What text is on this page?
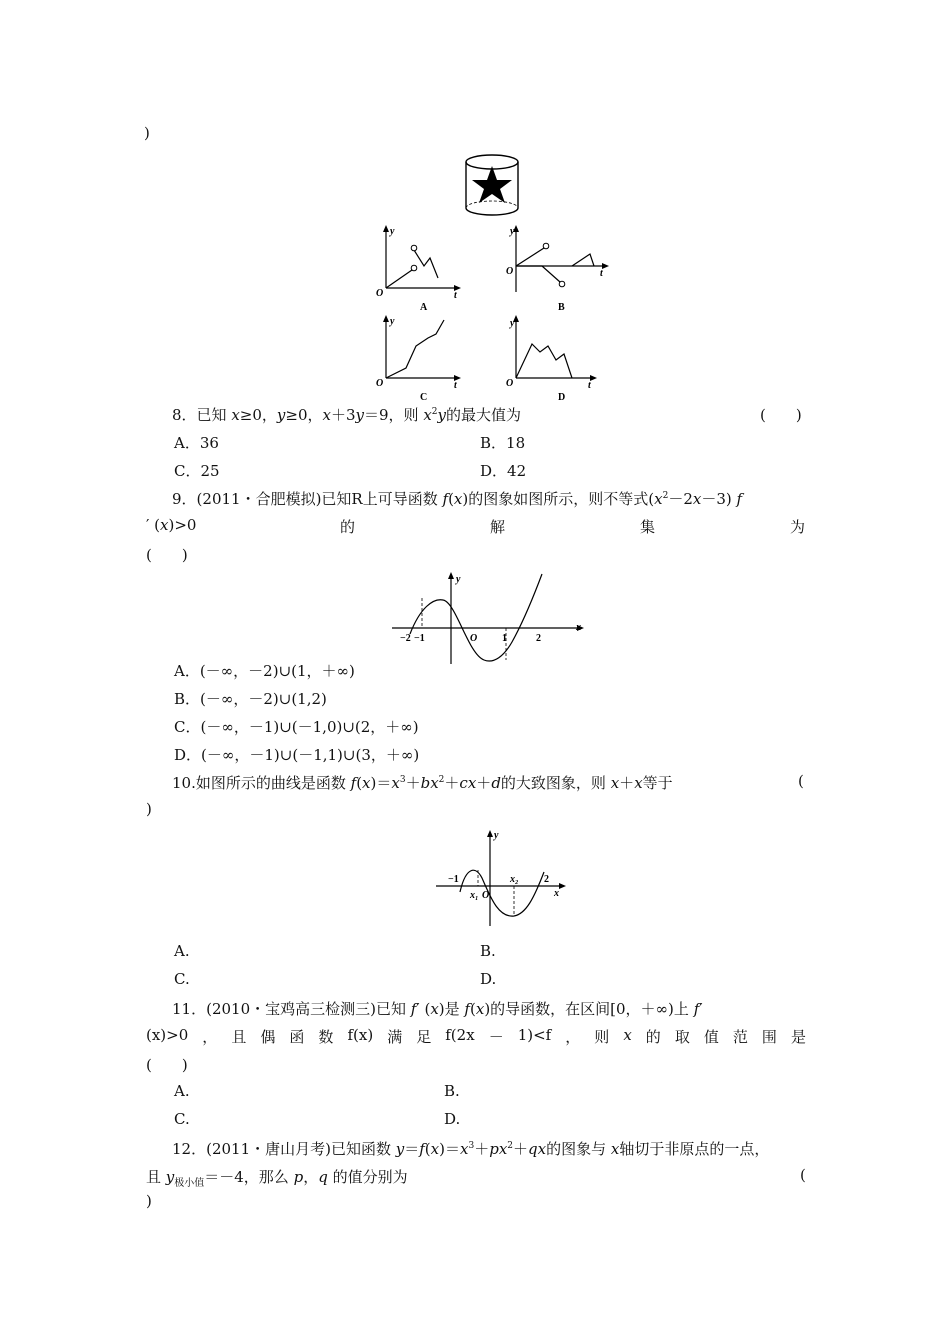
)
y
O	t
A
y
O	t
B
y
O	t
C
y
O	t
D
8．已知 x≥0，y≥0，x＋3y＝9，则 $x^2y$的最大值为	(　　)
A．36	B．18
C．25	D．42
9．(2011・合肥模拟)已知R上可导函数 f(x)的图象如图所示，则不等式$(x^2-2x-3)$ f
′ (x)>0	的	解	集	为
(　　)
y
x
−2 −1	O 1	2
A．(－∞，－2)∪(1，＋∞)
B．(－∞，－2)∪(1,2)
C．(－∞，－1)∪(－1,0)∪(2，＋∞)
D．(－∞，－1)∪(－1,1)∪(3，＋∞)
10.如图所示的曲线是函数 $f(x)=x^3+bx^2+cx+d$的大致图象，则 x＋x等于	(
)
y
x
−1
x₁ O
x₂	2
A.	B.
C.	D.
11．(2010・宝鸡高三检测三)已知 f′ (x)是 f(x)的导函数，在区间[0，＋∞)上 f′
(x)>0 ， 且 偶 函 数 f(x) 满 足 f(2x － 1)<f ， 则 x 的 取 值 范 围 是
(　　)
A.	B.
C.	D.
12．(2011・唐山月考)已知函数 $y=f(x)=x^3+px^2+qx$的图象与 x轴切于非原点的一点，
且 $y_{极小值}=-4$，那么 p，q 的值分别为	(
)
